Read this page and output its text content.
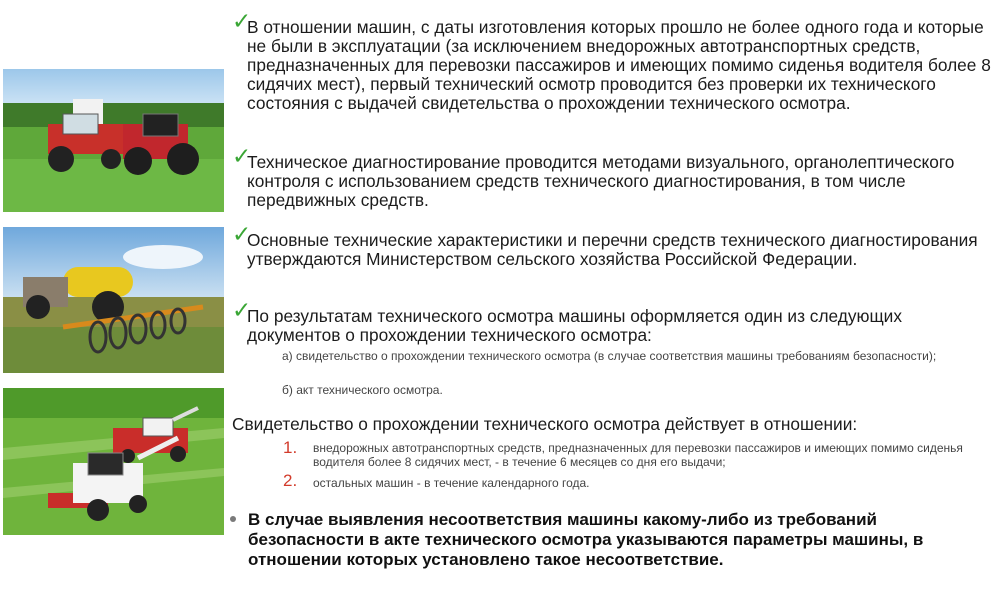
✓

В отношении машин, с даты изготовления которых прошло не более одного года и которые не были в эксплуатации (за исключением внедорожных автотранспортных средств, предназначенных для перевозки пассажиров и имеющих помимо сиденья водителя более 8 сидячих мест), первый технический осмотр проводится без проверки их технического состояния с выдачей свидетельства о прохождении технического осмотра.

✓

Техническое диагностирование проводится методами визуального, органолептического контроля с использованием средств технического диагностирования, в том числе передвижных средств.

✓

Основные технические характеристики и перечни средств технического диагностирования утверждаются Министерством сельского хозяйства Российской Федерации.

✓

По результатам технического осмотра машины оформляется один из следующих документов о прохождении технического осмотра:

а) свидетельство о прохождении технического осмотра (в случае соответствия машины требованиям безопасности);

б) акт технического осмотра.

Свидетельство о прохождении технического осмотра действует в отношении:

1. внедорожных автотранспортных средств, предназначенных для перевозки пассажиров и имеющих помимо сиденья водителя более 8 сидячих мест, - в течение 6 месяцев со дня его выдачи;

2. остальных машин - в течение календарного года.

В случае выявления несоответствия машины какому-либо из требований безопасности в акте технического осмотра указываются параметры машины, в отношении которых установлено такое несоответствие.
